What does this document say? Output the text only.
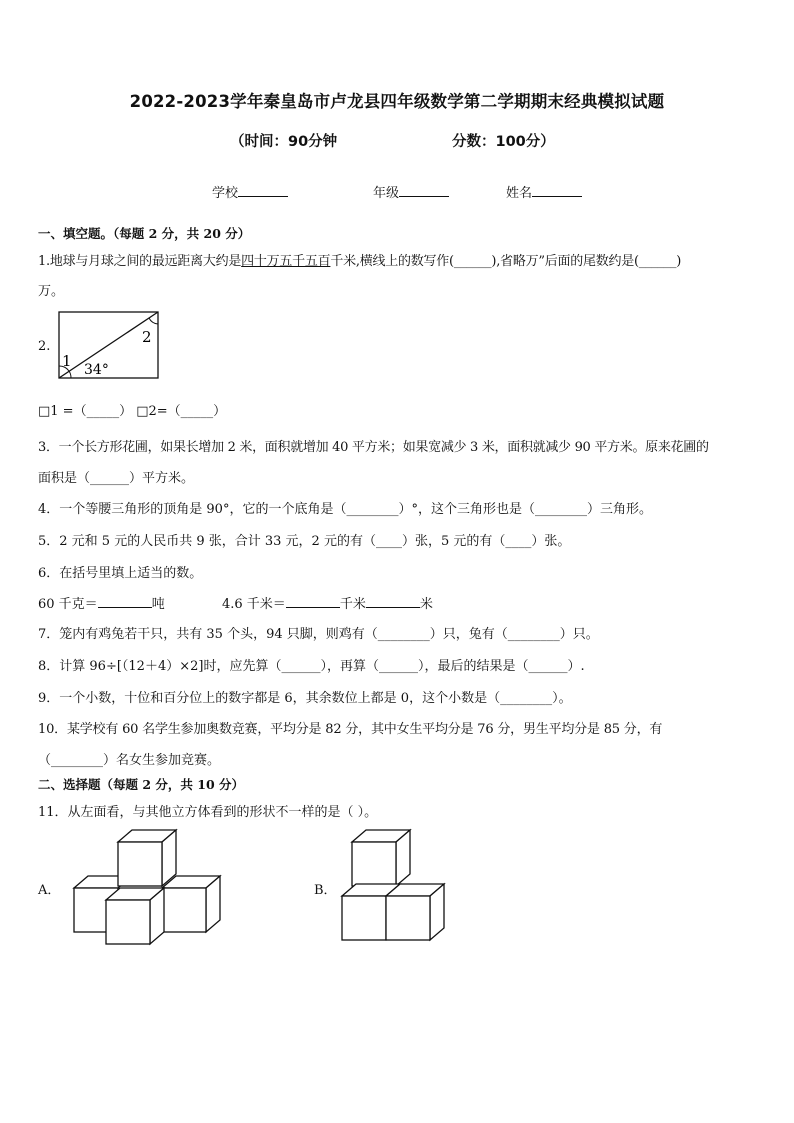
2022-2023学年秦皇岛市卢龙县四年级数学第二学期期末经典模拟试题
（时间：90分钟	分数：100分）
学校	年级	姓名
一、填空题。（每题 2 分，共 20 分）
1.地球与月球之间的最远距离大约是四十万五千五百千米,横线上的数写作(______),省略万”后面的尾数约是(______)
万。
2.
1
2
34°
□1 =（_____） □2=（_____）
3．一个长方形花圃，如果长增加 2 米，面积就增加 40 平方米；如果宽减少 3 米，面积就减少 90 平方米。原来花圃的
面积是（______）平方米。
4．一个等腰三角形的顶角是 90°，它的一个底角是（________）°，这个三角形也是（________）三角形。
5．2 元和 5 元的人民币共 9 张，合计 33 元，2 元的有（____）张，5 元的有（____）张。
6．在括号里填上适当的数。
60 千克＝	吨	4.6 千米＝	千米	米
7．笼内有鸡兔若干只，共有 35 个头，94 只脚，则鸡有（________）只，兔有（________）只。
8．计算 96÷[（12＋4）×2]时，应先算（______），再算（______），最后的结果是（______）.
9．一个小数，十位和百分位上的数字都是 6，其余数位上都是 0，这个小数是（________）。
10．某学校有 60 名学生参加奥数竞赛，平均分是 82 分，其中女生平均分是 76 分，男生平均分是 85 分，有
（________）名女生参加竞赛。
二、选择题（每题 2 分，共 10 分）
11．从左面看，与其他立方体看到的形状不一样的是（ ）。
A．	B．
